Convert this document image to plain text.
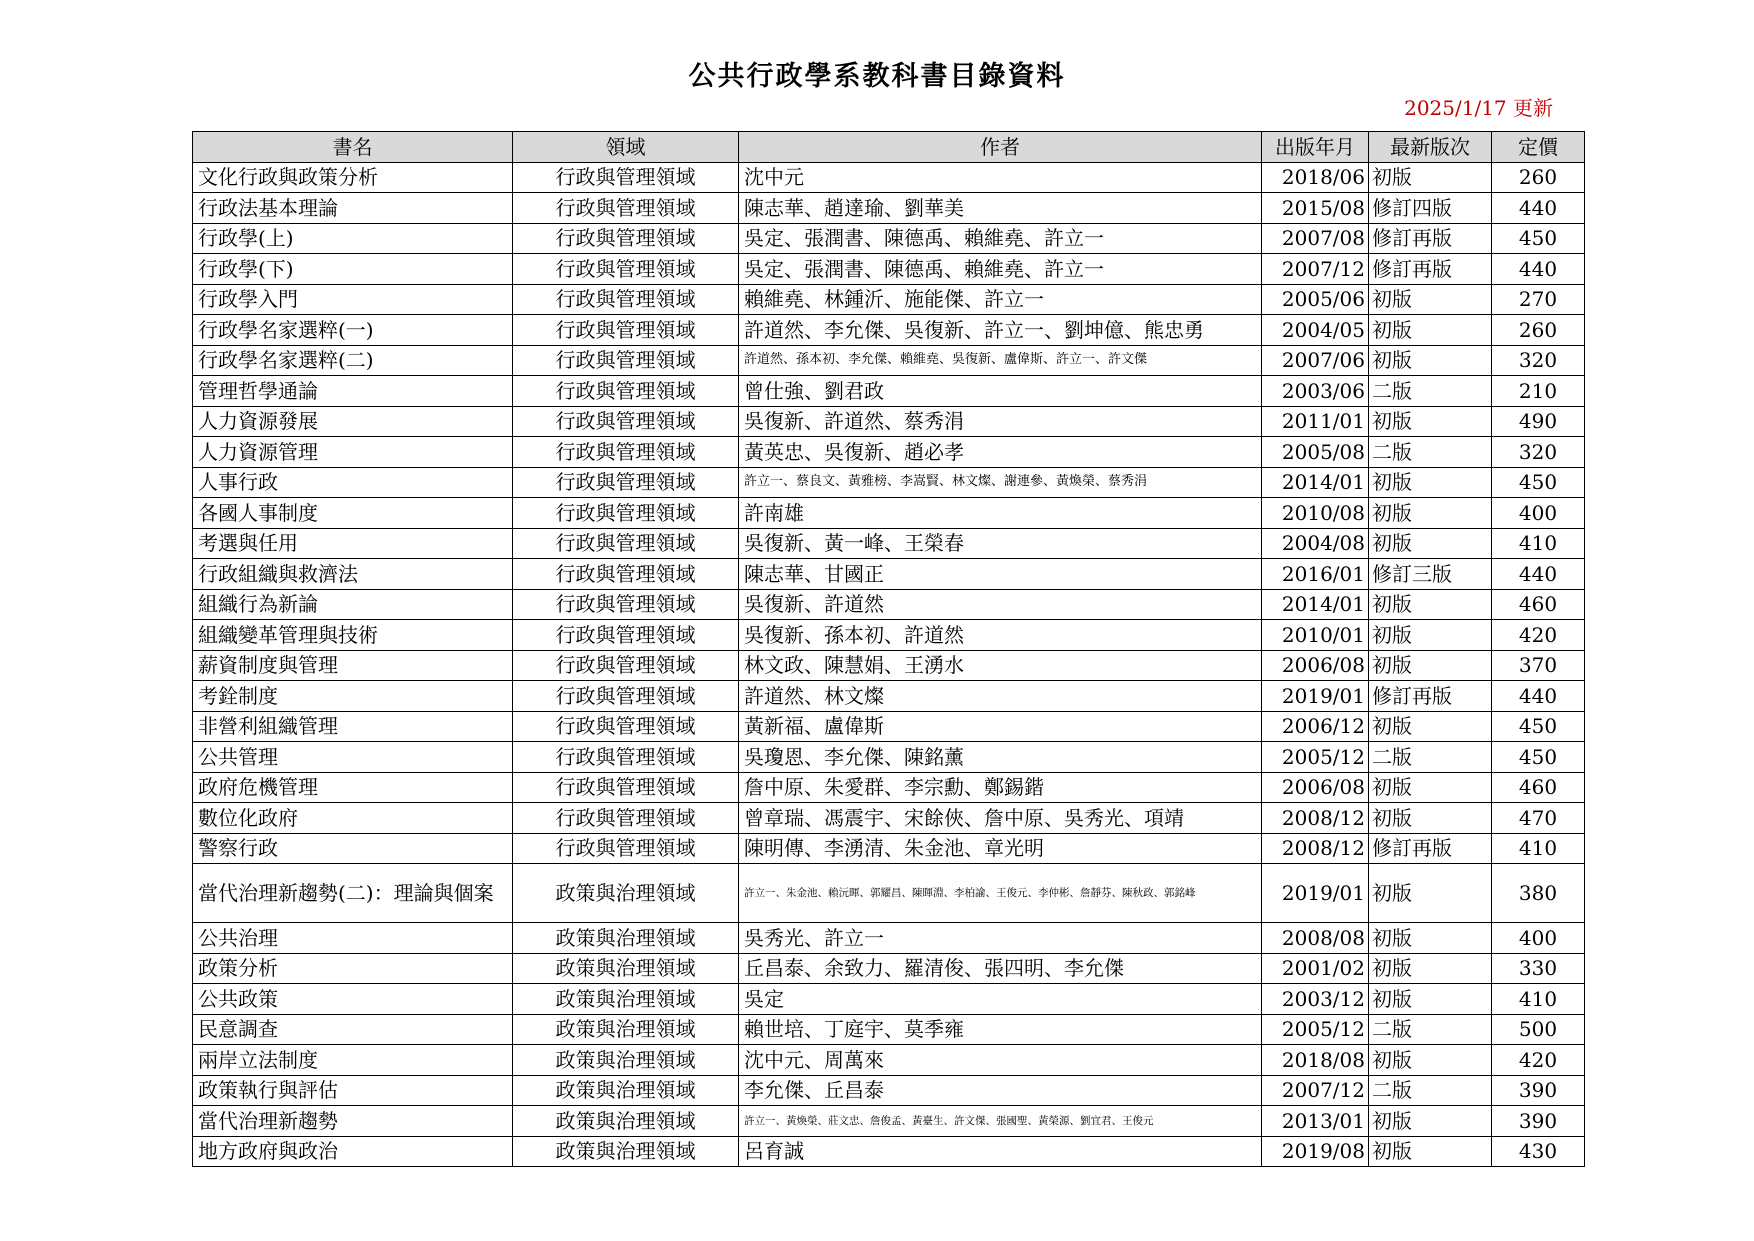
公共行政學系教科書目錄資料
2025/1/17 更新
書名	領域	作者	出版年月	最新版次	定價
文化行政與政策分析	行政與管理領域	沈中元	2018/06	初版	260
行政法基本理論	行政與管理領域	陳志華、趙達瑜、劉華美	2015/08	修訂四版	440
行政學(上)	行政與管理領域	吳定、張潤書、陳德禹、賴維堯、許立一	2007/08	修訂再版	450
行政學(下)	行政與管理領域	吳定、張潤書、陳德禹、賴維堯、許立一	2007/12	修訂再版	440
行政學入門	行政與管理領域	賴維堯、林鍾沂、施能傑、許立一	2005/06	初版	270
行政學名家選粹(一)	行政與管理領域	許道然、李允傑、吳復新、許立一、劉坤億、熊忠勇	2004/05	初版	260
行政學名家選粹(二)	行政與管理領域	許道然、孫本初、李允傑、賴維堯、吳復新、盧偉斯、許立一、許文傑	2007/06	初版	320
管理哲學通論	行政與管理領域	曾仕強、劉君政	2003/06	二版	210
人力資源發展	行政與管理領域	吳復新、許道然、蔡秀涓	2011/01	初版	490
人力資源管理	行政與管理領域	黃英忠、吳復新、趙必孝	2005/08	二版	320
人事行政	行政與管理領域	許立一、蔡良文、黃雅榜、李嵩賢、林文燦、謝連參、黃煥榮、蔡秀涓	2014/01	初版	450
各國人事制度	行政與管理領域	許南雄	2010/08	初版	400
考選與任用	行政與管理領域	吳復新、黃一峰、王榮春	2004/08	初版	410
行政組織與救濟法	行政與管理領域	陳志華、甘國正	2016/01	修訂三版	440
組織行為新論	行政與管理領域	吳復新、許道然	2014/01	初版	460
組織變革管理與技術	行政與管理領域	吳復新、孫本初、許道然	2010/01	初版	420
薪資制度與管理	行政與管理領域	林文政、陳慧娟、王湧水	2006/08	初版	370
考銓制度	行政與管理領域	許道然、林文燦	2019/01	修訂再版	440
非營利組織管理	行政與管理領域	黃新福、盧偉斯	2006/12	初版	450
公共管理	行政與管理領域	吳瓊恩、李允傑、陳銘薰	2005/12	二版	450
政府危機管理	行政與管理領域	詹中原、朱愛群、李宗勳、鄭錫鍇	2006/08	初版	460
數位化政府	行政與管理領域	曾章瑞、馮震宇、宋餘俠、詹中原、吳秀光、項靖	2008/12	初版	470
警察行政	行政與管理領域	陳明傳、李湧清、朱金池、章光明	2008/12	修訂再版	410
當代治理新趨勢(二)：理論與個案	政策與治理領域	許立一、朱金池、賴沅暉、郭耀昌、陳暉淵、李柏諭、王俊元、李仲彬、詹靜芬、陳秋政、郭銘峰	2019/01	初版	380
公共治理	政策與治理領域	吳秀光、許立一	2008/08	初版	400
政策分析	政策與治理領域	丘昌泰、余致力、羅清俊、張四明、李允傑	2001/02	初版	330
公共政策	政策與治理領域	吳定	2003/12	初版	410
民意調查	政策與治理領域	賴世培、丁庭宇、莫季雍	2005/12	二版	500
兩岸立法制度	政策與治理領域	沈中元、周萬來	2018/08	初版	420
政策執行與評估	政策與治理領域	李允傑、丘昌泰	2007/12	二版	390
當代治理新趨勢	政策與治理領域	許立一、黃煥榮、莊文忠、詹俊孟、黃臺生、許文傑、張國聖、黃榮源、劉宜君、王俊元	2013/01	初版	390
地方政府與政治	政策與治理領域	呂育誠	2019/08	初版	430
